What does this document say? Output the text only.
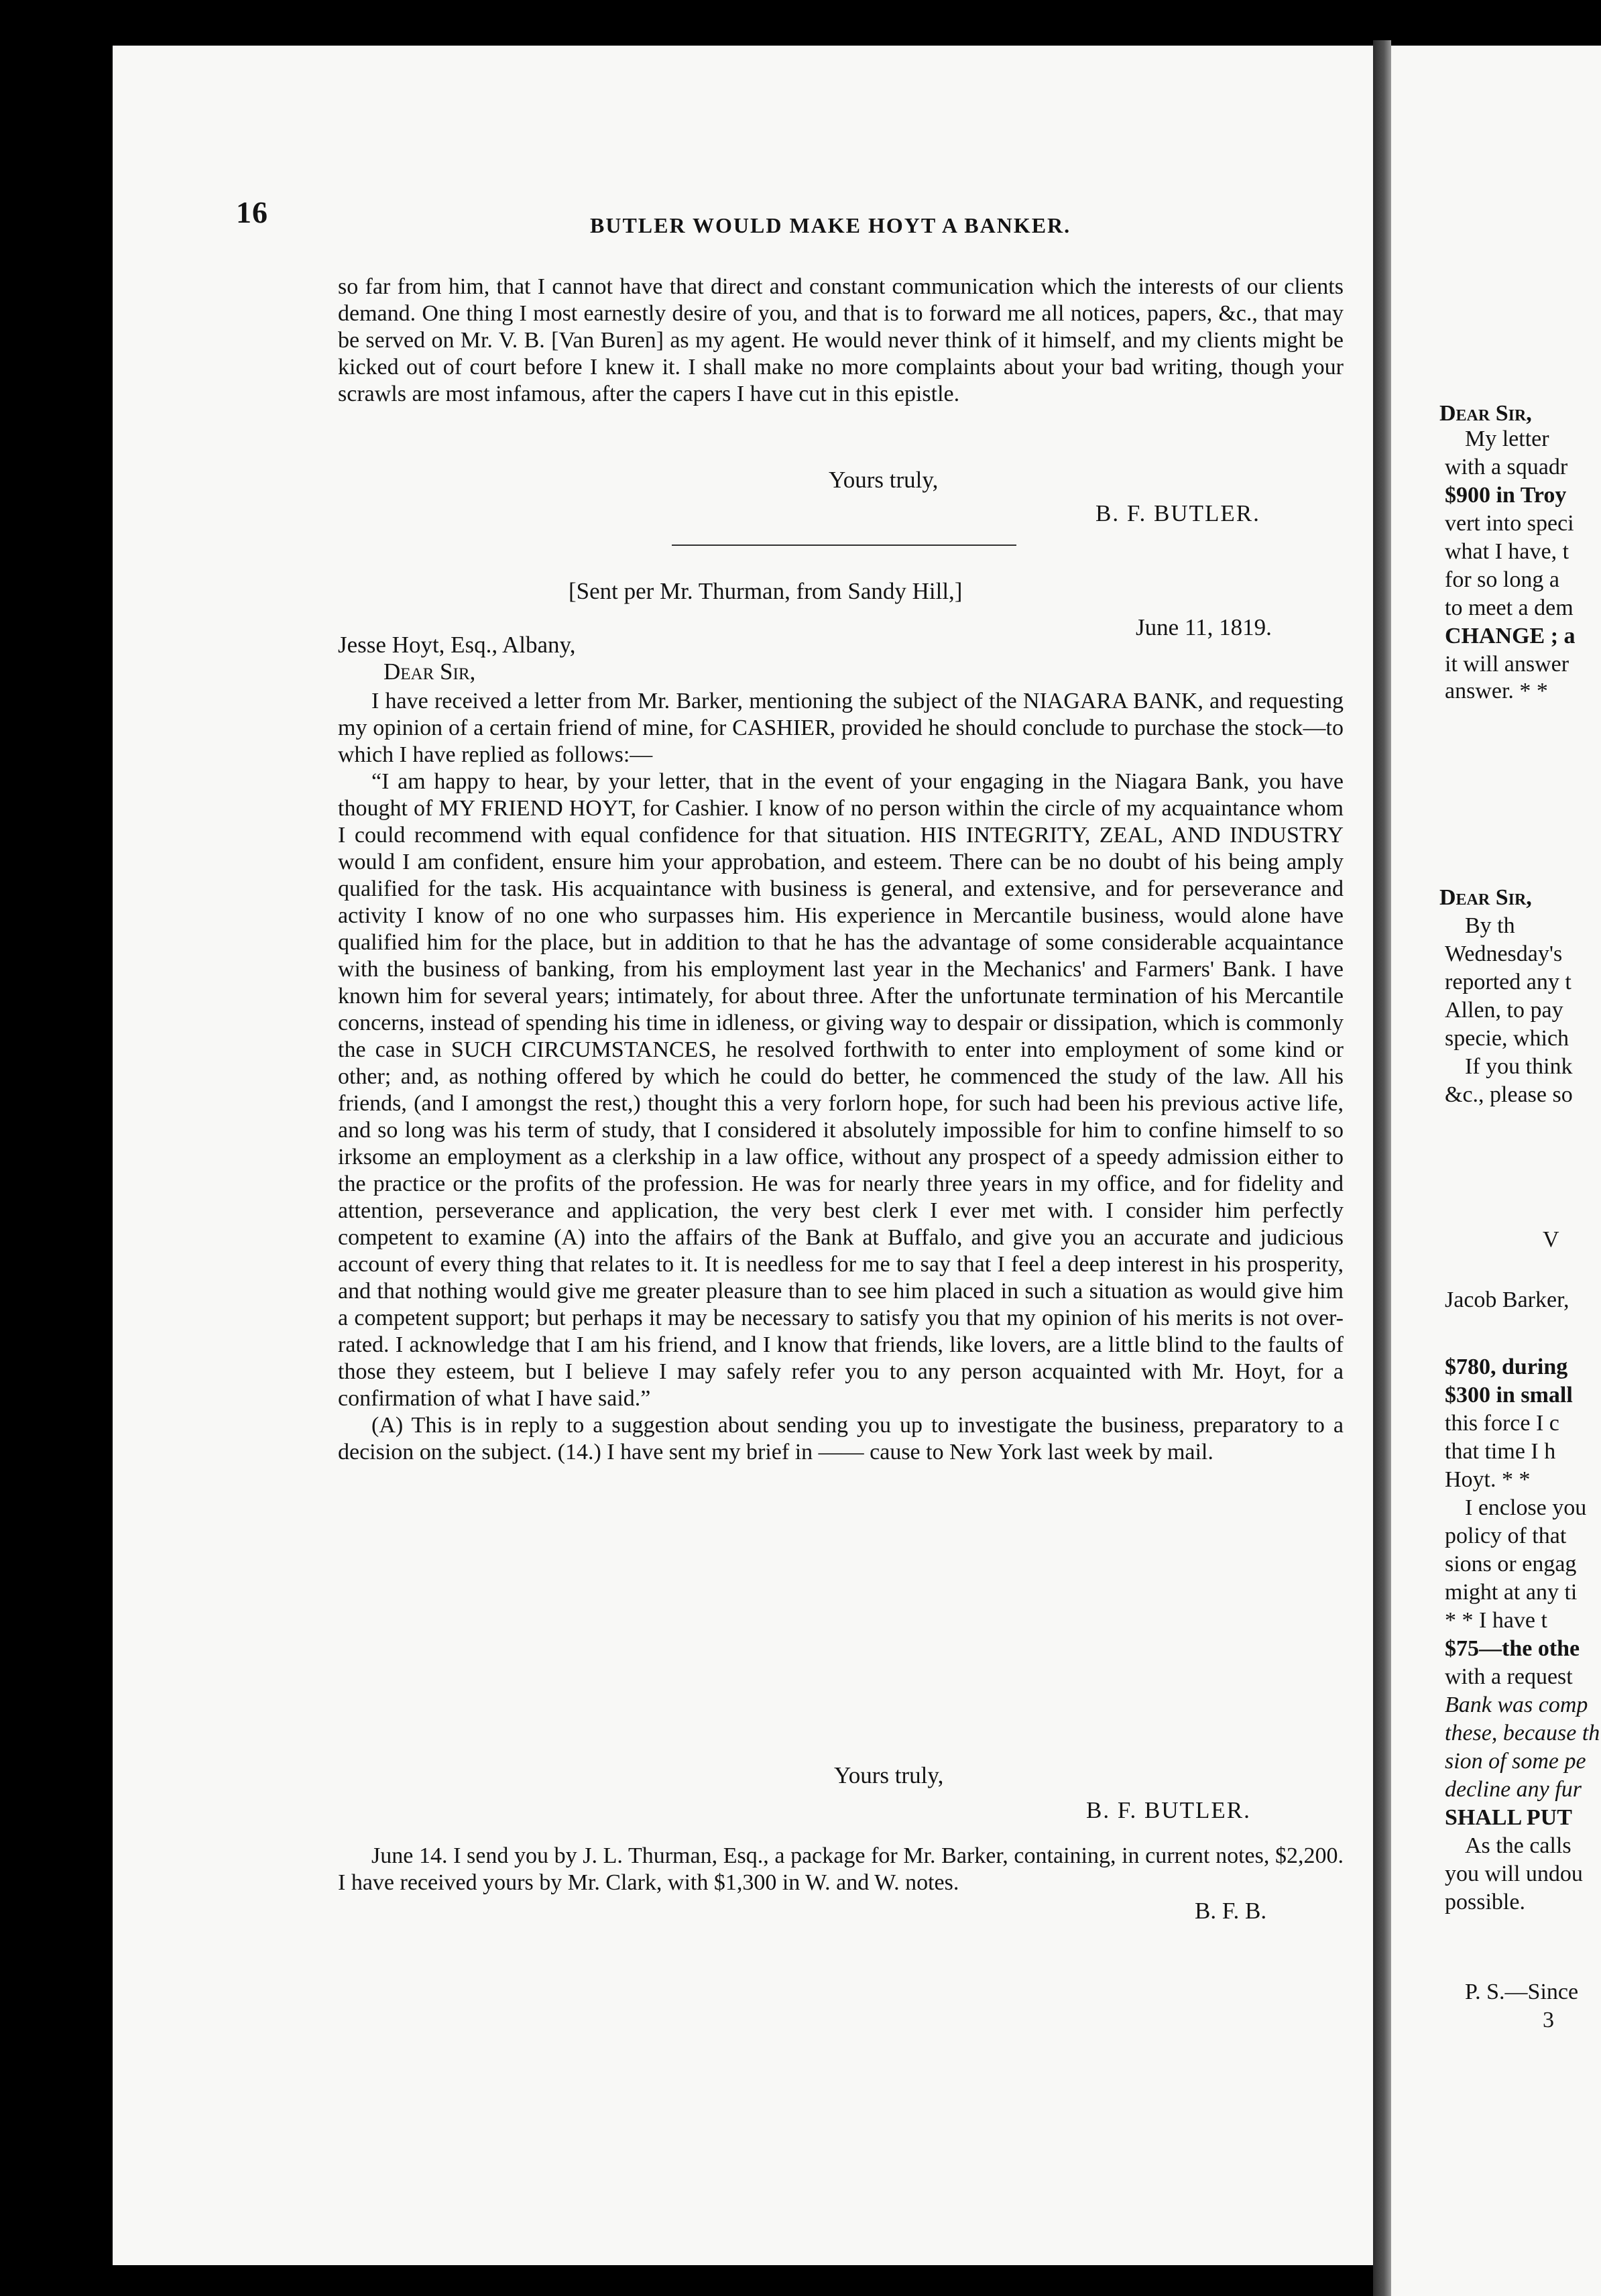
16	BUTLER WOULD MAKE HOYT A BANKER.

so far from him, that I cannot have that direct and constant communication which the interests of our clients demand. One thing I most earnestly desire of you, and that is to forward me all notices, papers, &c., that may be served on Mr. V. B. [Van Buren] as my agent. He would never think of it himself, and my clients might be kicked out of court before I knew it. I shall make no more complaints about your bad writing, though your scrawls are most infamous, after the capers I have cut in this epistle.

Yours truly,
B. F. BUTLER.
[Sent per Mr. Thurman, from Sandy Hill,]
June 11, 1819.
Jesse Hoyt, Esq., Albany,
Dear Sir,

I have received a letter from Mr. Barker, mentioning the subject of the NIAGARA BANK, and requesting my opinion of a certain friend of mine, for CASHIER, provided he should conclude to purchase the stock—to which I have replied as follows:—

“I am happy to hear, by your letter, that in the event of your engaging in the Niagara Bank, you have thought of MY FRIEND HOYT, for Cashier. I know of no person within the circle of my acquaintance whom I could recommend with equal confidence for that situation. HIS INTEGRITY, ZEAL, AND INDUSTRY would I am confident, ensure him your approbation, and esteem. There can be no doubt of his being amply qualified for the task. His acquaintance with business is general, and extensive, and for perseverance and activity I know of no one who surpasses him. His experience in Mercantile business, would alone have qualified him for the place, but in addition to that he has the advantage of some considerable acquaintance with the business of banking, from his employment last year in the Mechanics' and Farmers' Bank. I have known him for several years; intimately, for about three. After the unfortunate termination of his Mercantile concerns, instead of spending his time in idleness, or giving way to despair or dissipation, which is commonly the case in SUCH CIRCUMSTANCES, he resolved forthwith to enter into employment of some kind or other; and, as nothing offered by which he could do better, he commenced the study of the law. All his friends, (and I amongst the rest,) thought this a very forlorn hope, for such had been his previous active life, and so long was his term of study, that I considered it absolutely impossible for him to confine himself to so irksome an employment as a clerkship in a law office, without any prospect of a speedy admission either to the practice or the profits of the profession. He was for nearly three years in my office, and for fidelity and attention, perseverance and application, the very best clerk I ever met with. I consider him perfectly competent to examine (A) into the affairs of the Bank at Buffalo, and give you an accurate and judicious account of every thing that relates to it. It is needless for me to say that I feel a deep interest in his prosperity, and that nothing would give me greater pleasure than to see him placed in such a situation as would give him a competent support; but perhaps it may be necessary to satisfy you that my opinion of his merits is not over-rated. I acknowledge that I am his friend, and I know that friends, like lovers, are a little blind to the faults of those they esteem, but I believe I may safely refer you to any person acquainted with Mr. Hoyt, for a confirmation of what I have said.”

(A) This is in reply to a suggestion about sending you up to investigate the business, preparatory to a decision on the subject. (14.) I have sent my brief in —— cause to New York last week by mail.

Yours truly,
B. F. BUTLER.

June 14. I send you by J. L. Thurman, Esq., a package for Mr. Barker, containing, in current notes, $2,200. I have received yours by Mr. Clark, with $1,300 in W. and W. notes.

B. F. B.
Dear Sir,
My letter
with a squadr
$900 in Troy
vert into speci
what I have, t
for so long a
to meet a dem
CHANGE ; a
it will answer
answer. * *
Dear Sir,
By th
Wednesday's
reported any t
Allen, to pay
specie, which
If you think
&c., please so
V
Jacob Barker,
$780, during
$300 in small
this force I c
that time I h
Hoyt. * *
I enclose you
policy of that
sions or engag
might at any ti
* * I have t
$75—the othe
with a request
Bank was comp
these, because th
sion of some pe
decline any fur
SHALL PUT
As the calls
you will undou
possible.
P. S.—Since
3
